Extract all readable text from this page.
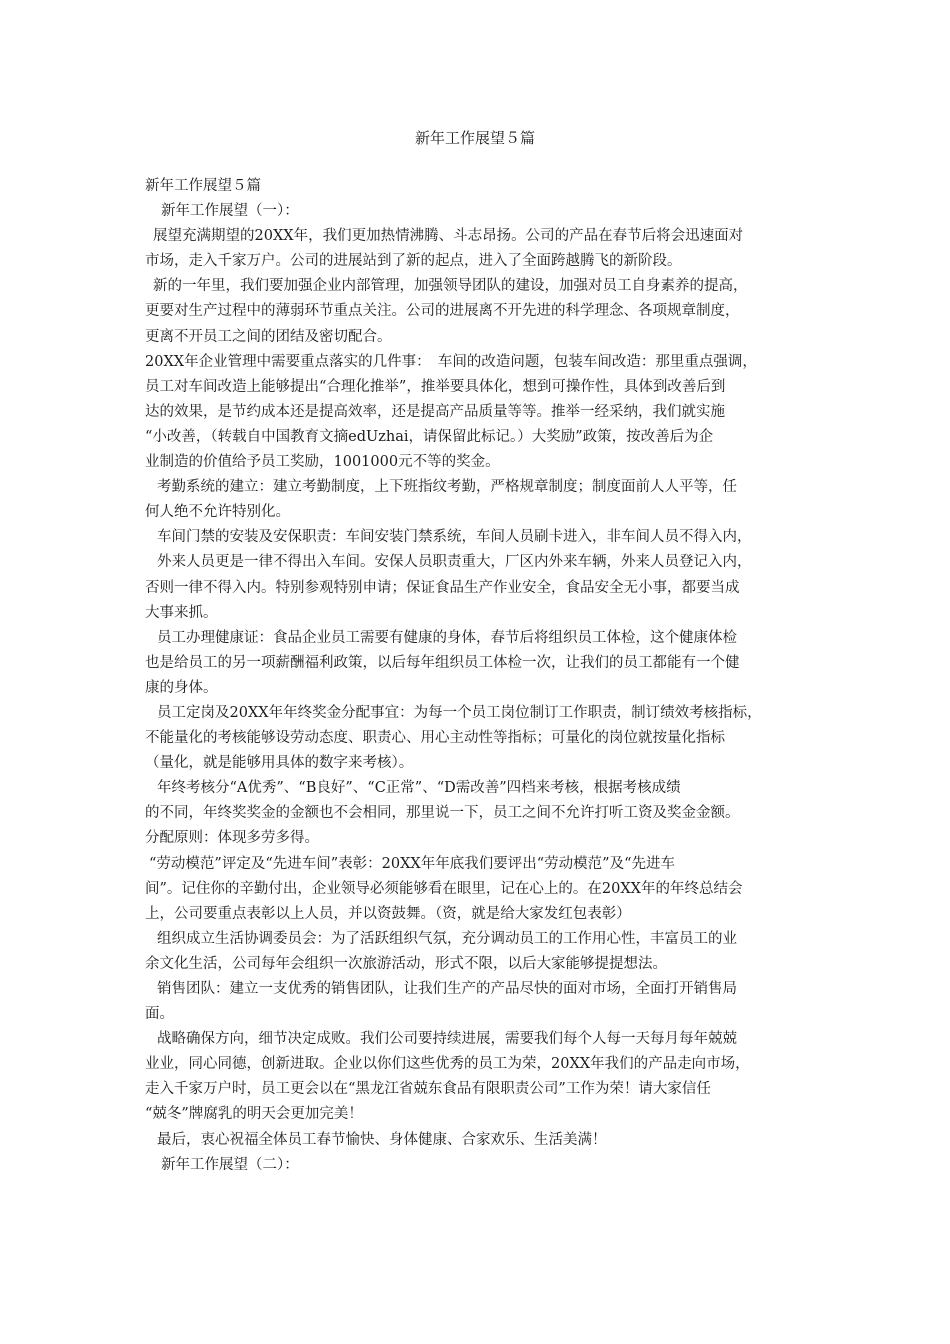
新年工作展望５篇
新年工作展望５篇
新年工作展望（一）：
展望充满期望的20XX年，我们更加热情沸腾、斗志昂扬。公司的产品在春节后将会迅速面对
市场，走入千家万户。公司的进展站到了新的起点，进入了全面跨越腾飞的新阶段。
新的一年里，我们要加强企业内部管理，加强领导团队的建设，加强对员工自身素养的提高，
更要对生产过程中的薄弱环节重点关注。公司的进展离不开先进的科学理念、各项规章制度，
更离不开员工之间的团结及密切配合。
20XX年企业管理中需要重点落实的几件事：　车间的改造问题，包装车间改造：那里重点强调，
员工对车间改造上能够提出“合理化推举”，推举要具体化，想到可操作性，具体到改善后到
达的效果，是节约成本还是提高效率，还是提高产品质量等等。推举一经采纳，我们就实施
“小改善，（转载自中国教育文摘edUzhai，请保留此标记。）大奖励”政策，按改善后为企
业制造的价值给予员工奖励，1001000元不等的奖金。
考勤系统的建立：建立考勤制度，上下班指纹考勤，严格规章制度；制度面前人人平等，任
何人绝不允许特别化。
车间门禁的安装及安保职责：车间安装门禁系统，车间人员刷卡进入，非车间人员不得入内，
外来人员更是一律不得出入车间。安保人员职责重大，厂区内外来车辆，外来人员登记入内，
否则一律不得入内。特别参观特别申请；保证食品生产作业安全，食品安全无小事，都要当成
大事来抓。
员工办理健康证：食品企业员工需要有健康的身体，春节后将组织员工体检，这个健康体检
也是给员工的另一项薪酬福利政策，以后每年组织员工体检一次，让我们的员工都能有一个健
康的身体。
员工定岗及20XX年年终奖金分配事宜：为每一个员工岗位制订工作职责，制订绩效考核指标，
不能量化的考核能够设劳动态度、职责心、用心主动性等指标；可量化的岗位就按量化指标
（量化，就是能够用具体的数字来考核）。
年终考核分“A优秀”、“B良好”、“C正常”、“D需改善”四档来考核，根据考核成绩
的不同，年终奖奖金的金额也不会相同，那里说一下，员工之间不允许打听工资及奖金金额。
分配原则：体现多劳多得。
“劳动模范”评定及“先进车间”表彰：20XX年年底我们要评出“劳动模范”及“先进车
间”。记住你的辛勤付出，企业领导必须能够看在眼里，记在心上的。在20XX年的年终总结会
上，公司要重点表彰以上人员，并以资鼓舞。（资，就是给大家发红包表彰）
组织成立生活协调委员会：为了活跃组织气氛，充分调动员工的工作用心性，丰富员工的业
余文化生活，公司每年会组织一次旅游活动，形式不限，以后大家能够提提想法。
销售团队：建立一支优秀的销售团队，让我们生产的产品尽快的面对市场，全面打开销售局
面。
战略确保方向，细节决定成败。我们公司要持续进展，需要我们每个人每一天每月每年兢兢
业业，同心同德，创新进取。企业以你们这些优秀的员工为荣，20XX年我们的产品走向市场，
走入千家万户时，员工更会以在“黑龙江省兢东食品有限职责公司”工作为荣！请大家信任
“兢冬”牌腐乳的明天会更加完美！
最后，衷心祝福全体员工春节愉快、身体健康、合家欢乐、生活美满！
新年工作展望（二）：
